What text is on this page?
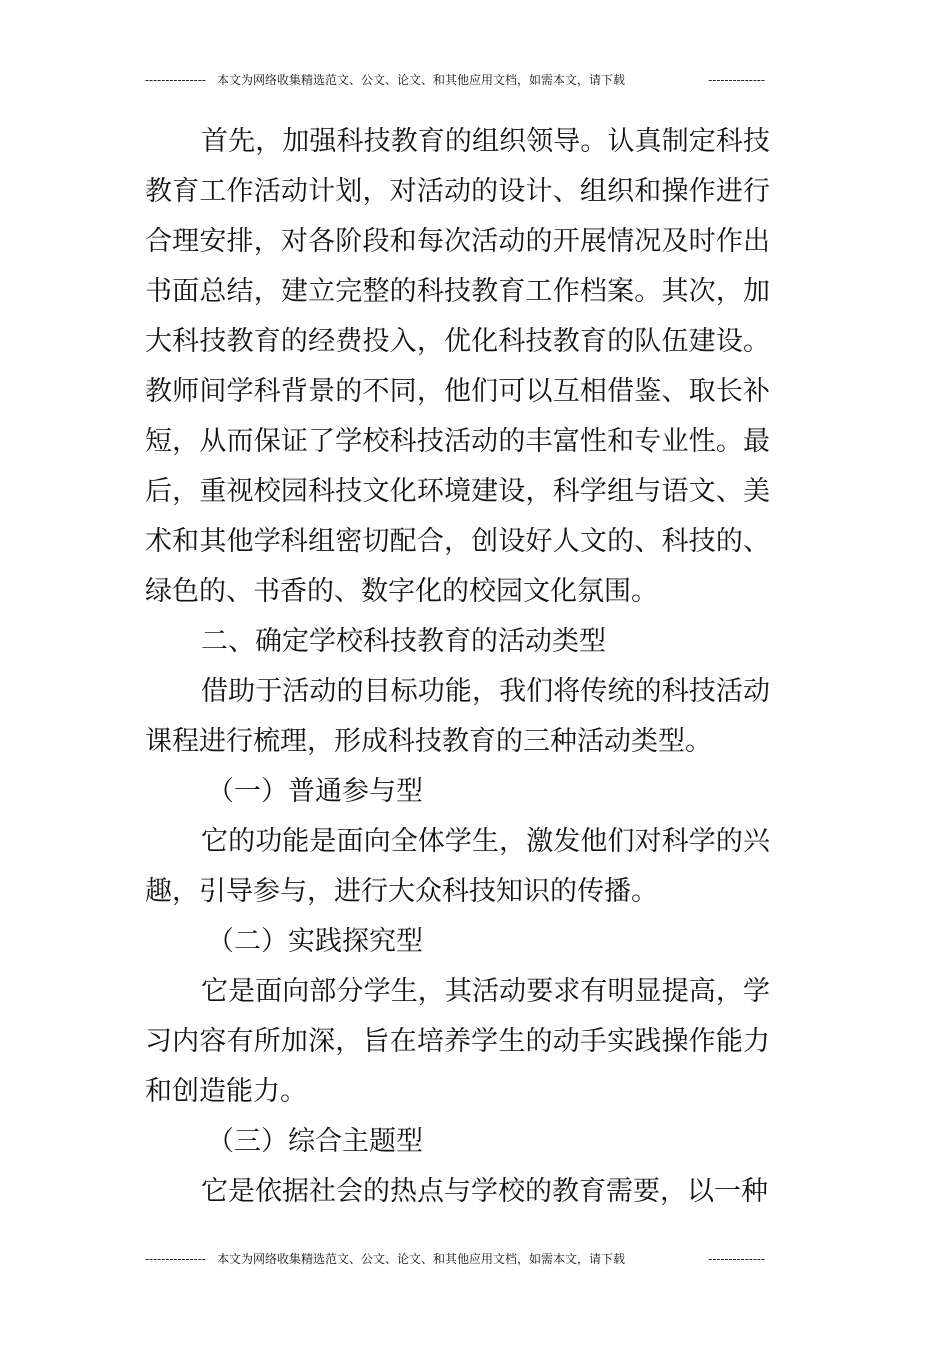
--------------- 本文为网络收集精选范文、公文、论文、和其他应用文档，如需本文，请下载	--------------

首先，加强科技教育的组织领导。认真制定科技教育工作活动计划，对活动的设计、组织和操作进行合理安排，对各阶段和每次活动的开展情况及时作出书面总结，建立完整的科技教育工作档案。其次，加大科技教育的经费投入，优化科技教育的队伍建设。教师间学科背景的不同，他们可以互相借鉴、取长补短，从而保证了学校科技活动的丰富性和专业性。最后，重视校园科技文化环境建设，科学组与语文、美术和其他学科组密切配合，创设好人文的、科技的、绿色的、书香的、数字化的校园文化氛围。

二、确定学校科技教育的活动类型

借助于活动的目标功能，我们将传统的科技活动课程进行梳理，形成科技教育的三种活动类型。

（一）普通参与型

它的功能是面向全体学生，激发他们对科学的兴趣，引导参与，进行大众科技知识的传播。

（二）实践探究型

它是面向部分学生，其活动要求有明显提高，学习内容有所加深，旨在培养学生的动手实践操作能力和创造能力。

（三）综合主题型

它是依据社会的热点与学校的教育需要，以一种

--------------- 本文为网络收集精选范文、公文、论文、和其他应用文档，如需本文，请下载	--------------
